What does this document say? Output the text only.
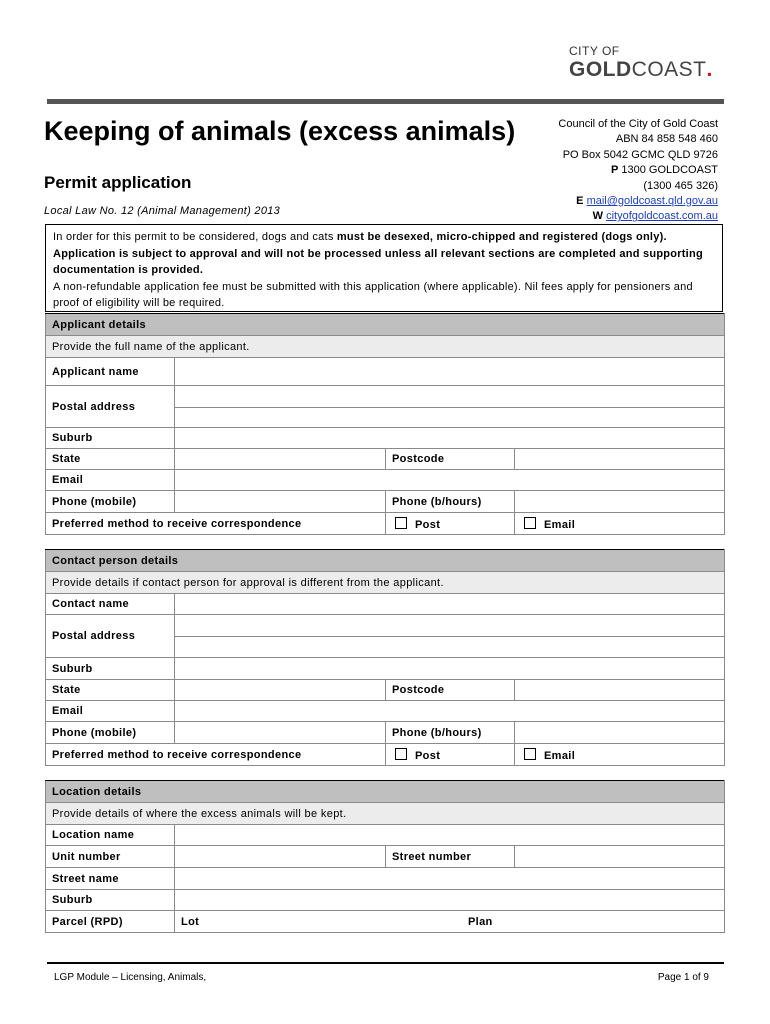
CITY OF
GOLDCOAST.
Keeping of animals (excess animals)
Permit application
Local Law No. 12 (Animal Management) 2013
Council of the City of Gold Coast
ABN 84 858 548 460
PO Box 5042 GCMC QLD 9726
P 1300 GOLDCOAST
(1300 465 326)
E mail@goldcoast.qld.gov.au
W cityofgoldcoast.com.au
In order for this permit to be considered, dogs and cats must be desexed, micro-chipped and registered (dogs only). Application is subject to approval and will not be processed unless all relevant sections are completed and supporting documentation is provided.
A non-refundable application fee must be submitted with this application (where applicable). Nil fees apply for pensioners and proof of eligibility will be required.
Applicant details			
Provide the full name of the applicant.			
Applicant name			
Postal address			

Suburb			
State		Postcode	
Email			
Phone (mobile)		Phone (b/hours)	
Preferred method to receive correspondence		Post	Email
Contact person details			
Provide details if contact person for approval is different from the applicant.			
Contact name			
Postal address			

Suburb			
State		Postcode	
Email			
Phone (mobile)		Phone (b/hours)	
Preferred method to receive correspondence		Post	Email
Location details			
Provide details of where the excess animals will be kept.			
Location name			
Unit number		Street number	
Street name			
Suburb			
Parcel (RPD)	Lot Plan		
LGP Module – Licensing, Animals,	Page 1 of 9
